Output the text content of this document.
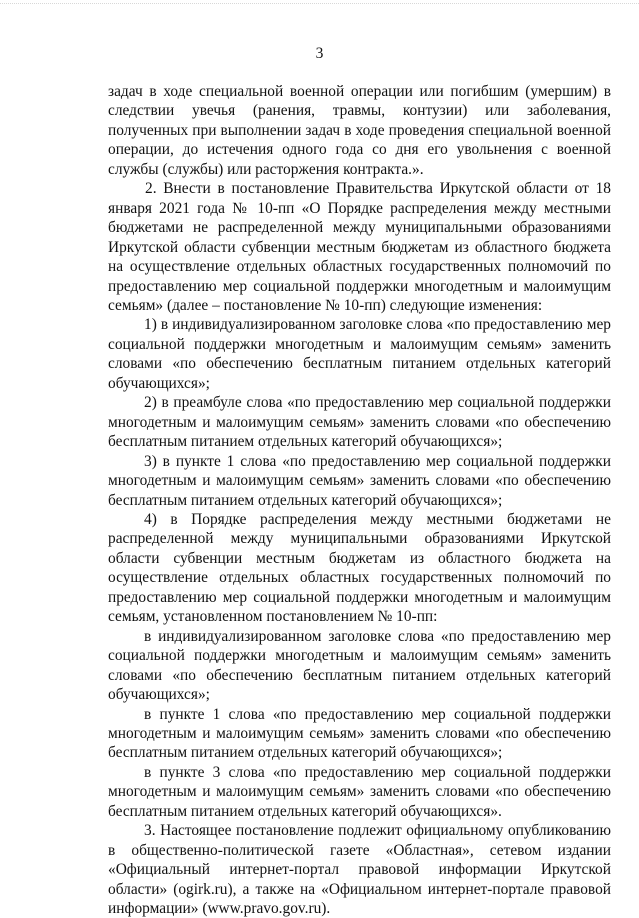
3

задач в ходе специальной военной операции или погибшим (умершим) в следствии увечья (ранения, травмы, контузии) или заболевания, полученных при выполнении задач в ходе проведения специальной военной операции, до истечения одного года со дня его увольнения с военной службы (службы) или расторжения контракта.».

2. Внести в постановление Правительства Иркутской области от 18 января 2021 года № 10-пп «О Порядке распределения между местными бюджетами не распределенной между муниципальными образованиями Иркутской области субвенции местным бюджетам из областного бюджета на осуществление отдельных областных государственных полномочий по предоставлению мер социальной поддержки многодетным и малоимущим семьям» (далее – постановление № 10-пп) следующие изменения:

1) в индивидуализированном заголовке слова «по предоставлению мер социальной поддержки многодетным и малоимущим семьям» заменить словами «по обеспечению бесплатным питанием отдельных категорий обучающихся»;

2) в преамбуле слова «по предоставлению мер социальной поддержки многодетным и малоимущим семьям» заменить словами «по обеспечению бесплатным питанием отдельных категорий обучающихся»;

3) в пункте 1 слова «по предоставлению мер социальной поддержки многодетным и малоимущим семьям» заменить словами «по обеспечению бесплатным питанием отдельных категорий обучающихся»;

4) в Порядке распределения между местными бюджетами не распределенной между муниципальными образованиями Иркутской области субвенции местным бюджетам из областного бюджета на осуществление отдельных областных государственных полномочий по предоставлению мер социальной поддержки многодетным и малоимущим семьям, установленном постановлением № 10-пп:

в индивидуализированном заголовке слова «по предоставлению мер социальной поддержки многодетным и малоимущим семьям» заменить словами «по обеспечению бесплатным питанием отдельных категорий обучающихся»;

в пункте 1 слова «по предоставлению мер социальной поддержки многодетным и малоимущим семьям» заменить словами «по обеспечению бесплатным питанием отдельных категорий обучающихся»;

в пункте 3 слова «по предоставлению мер социальной поддержки многодетным и малоимущим семьям» заменить словами «по обеспечению бесплатным питанием отдельных категорий обучающихся».

3. Настоящее постановление подлежит официальному опубликованию в общественно-политической газете «Областная», сетевом издании «Официальный интернет-портал правовой информации Иркутской области» (ogirk.ru), а также на «Официальном интернет-портале правовой информации» (www.pravo.gov.ru).
